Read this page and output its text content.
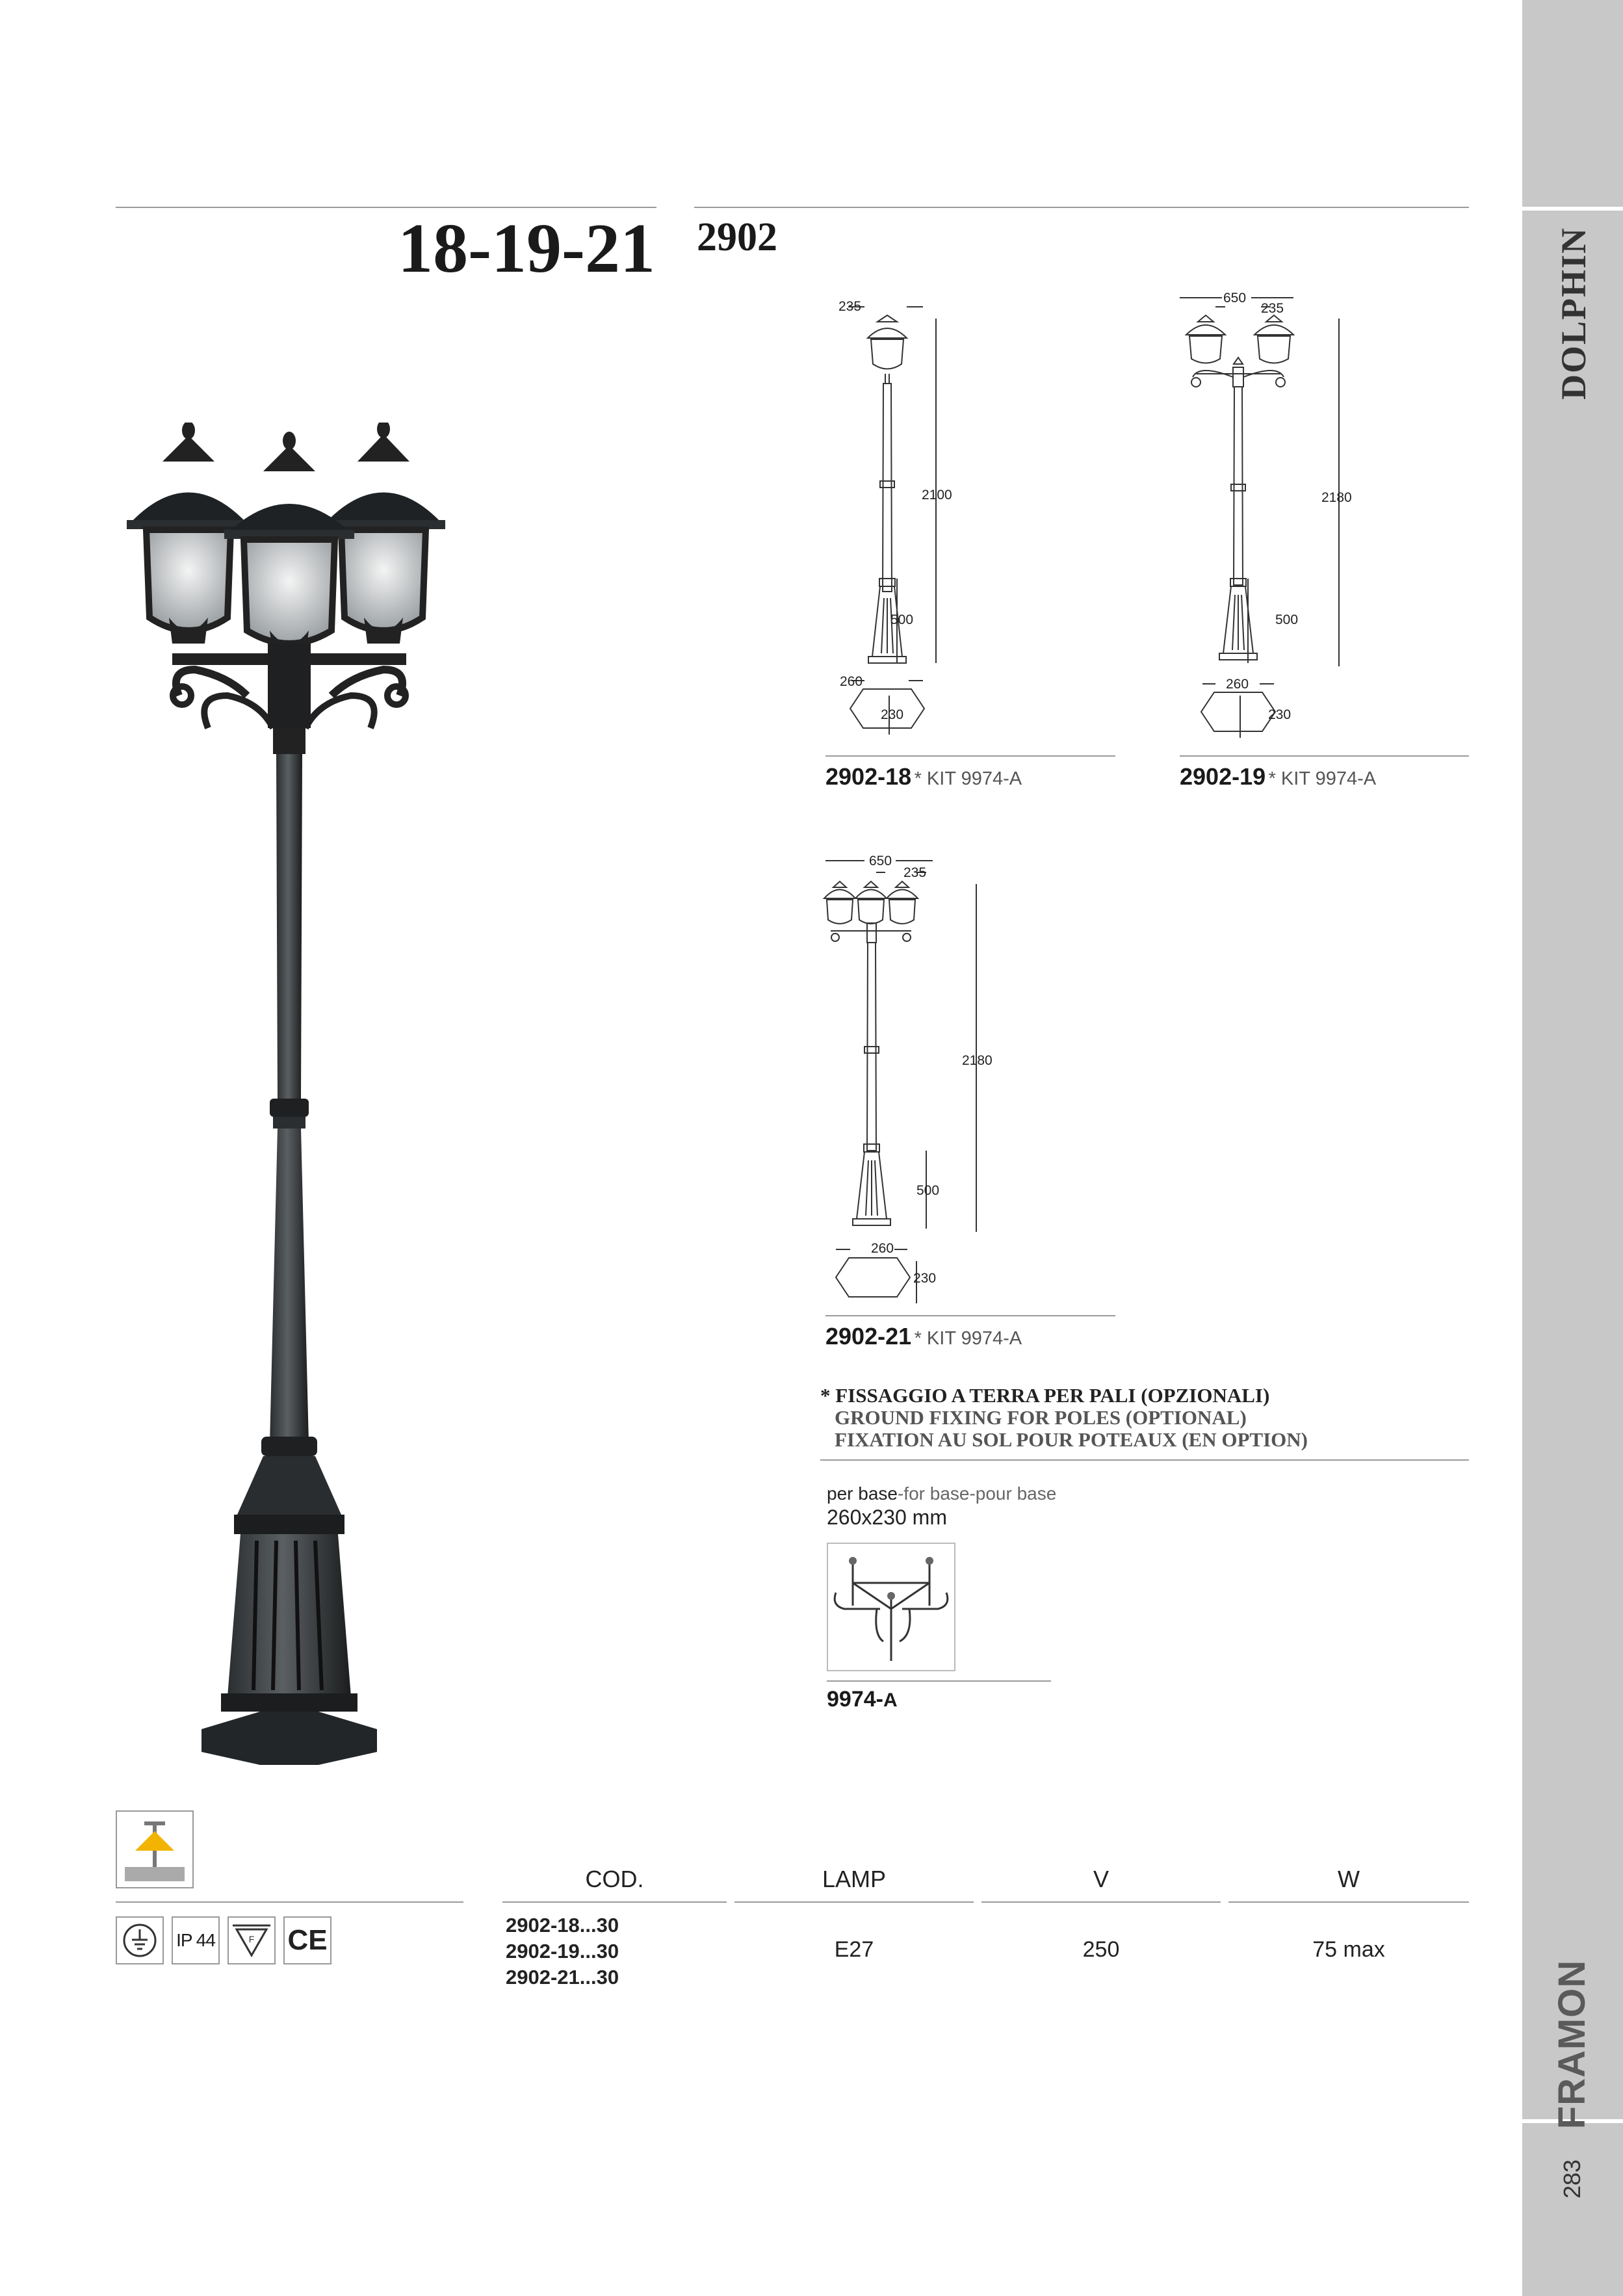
18-19-21 2902	DOLPHIN
FRAMON
283
235
2100
500
260
230
2902-18 * KIT 9974-A
650
235
2180
500
260
230
2902-19 * KIT 9974-A
650
235
2180
500
260
230
2902-21 * KIT 9974-A
* FISSAGGIO A TERRA PER PALI (OPZIONALI)
GROUND FIXING FOR POLES (OPTIONAL)
FIXATION AU SOL POUR POTEAUX (EN OPTION)
per base-for base-pour base
260x230 mm
9974-A
IP 44	F CE
COD.	LAMP	V	W
2902-18...30
2902-19...30
2902-21...30
E27	250	75 max
